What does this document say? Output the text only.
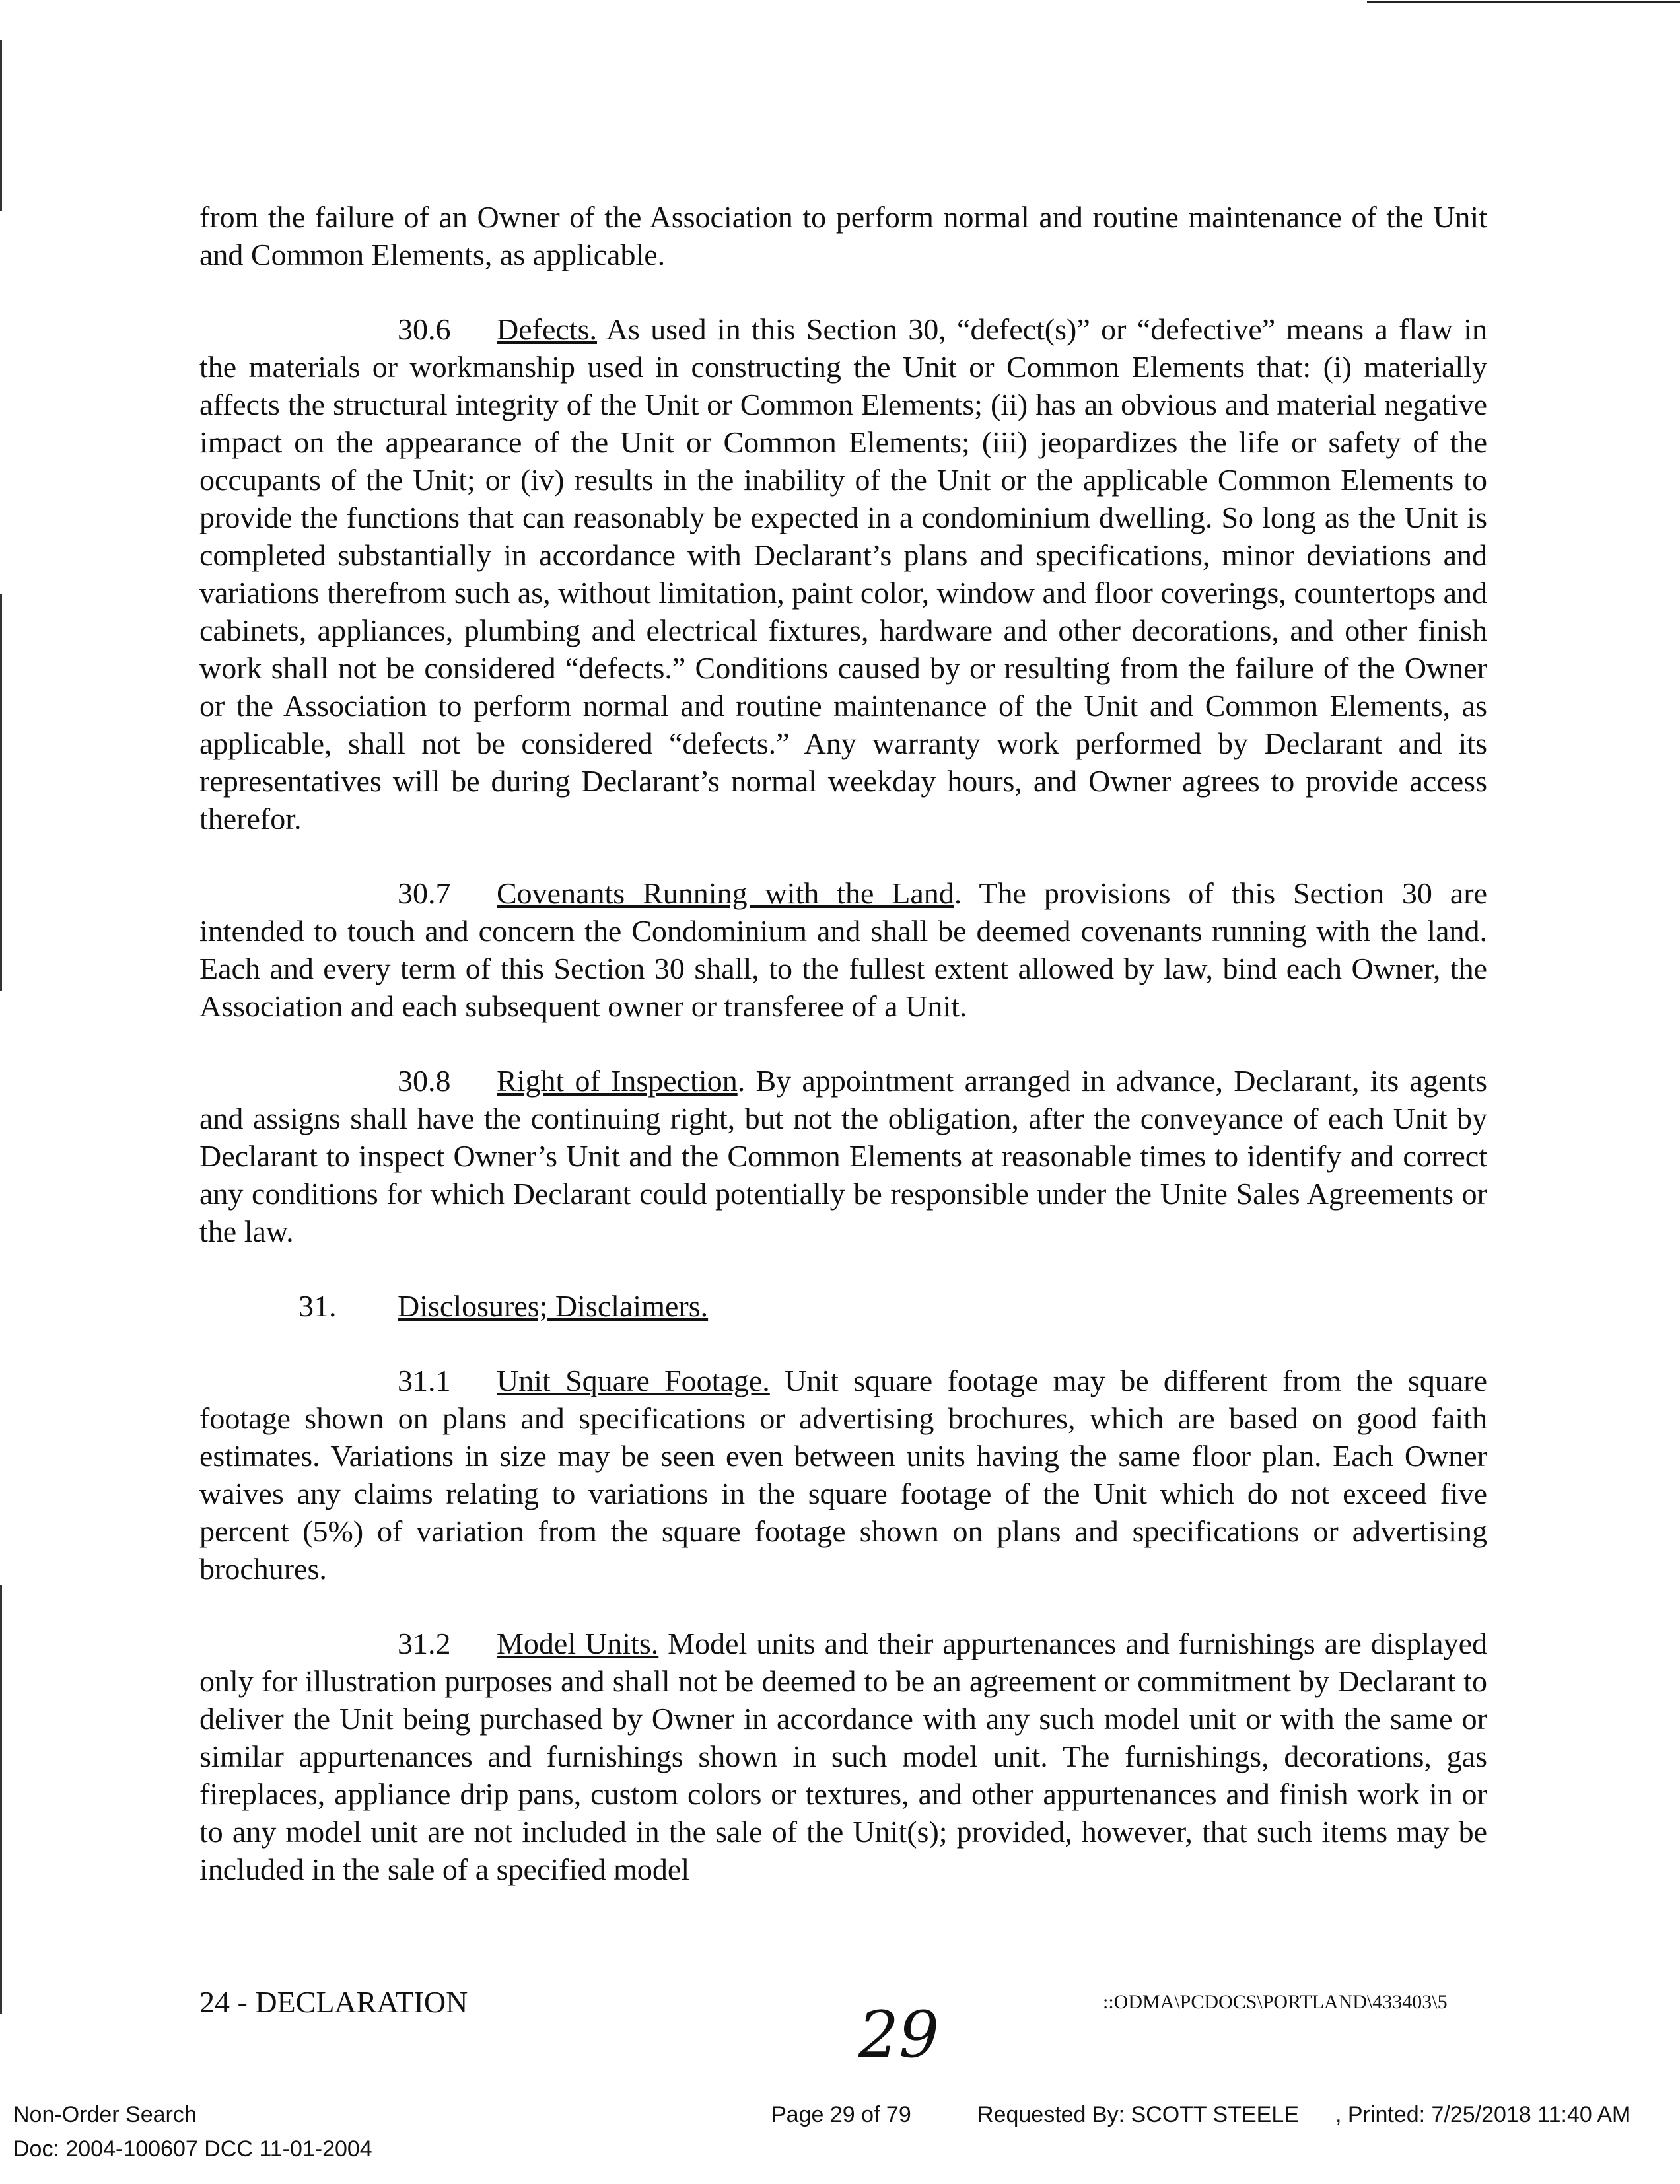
from the failure of an Owner of the Association to perform normal and routine maintenance of the Unit and Common Elements, as applicable.

30.6 Defects. As used in this Section 30, “defect(s)” or “defective” means a flaw in the materials or workmanship used in constructing the Unit or Common Elements that: (i) materially affects the structural integrity of the Unit or Common Elements; (ii) has an obvious and material negative impact on the appearance of the Unit or Common Elements; (iii) jeopardizes the life or safety of the occupants of the Unit; or (iv) results in the inability of the Unit or the applicable Common Elements to provide the functions that can reasonably be expected in a condominium dwelling. So long as the Unit is completed substantially in accordance with Declarant’s plans and specifications, minor deviations and variations therefrom such as, without limitation, paint color, window and floor coverings, countertops and cabinets, appliances, plumbing and electrical fixtures, hardware and other decorations, and other finish work shall not be considered “defects.” Conditions caused by or resulting from the failure of the Owner or the Association to perform normal and routine maintenance of the Unit and Common Elements, as applicable, shall not be considered “defects.” Any warranty work performed by Declarant and its representatives will be during Declarant’s normal weekday hours, and Owner agrees to provide access therefor.

30.7 Covenants Running with the Land. The provisions of this Section 30 are intended to touch and concern the Condominium and shall be deemed covenants running with the land. Each and every term of this Section 30 shall, to the fullest extent allowed by law, bind each Owner, the Association and each subsequent owner or transferee of a Unit.

30.8 Right of Inspection. By appointment arranged in advance, Declarant, its agents and assigns shall have the continuing right, but not the obligation, after the conveyance of each Unit by Declarant to inspect Owner’s Unit and the Common Elements at reasonable times to identify and correct any conditions for which Declarant could potentially be responsible under the Unite Sales Agreements or the law.

31. Disclosures; Disclaimers.

31.1 Unit Square Footage. Unit square footage may be different from the square footage shown on plans and specifications or advertising brochures, which are based on good faith estimates. Variations in size may be seen even between units having the same floor plan. Each Owner waives any claims relating to variations in the square footage of the Unit which do not exceed five percent (5%) of variation from the square footage shown on plans and specifications or advertising brochures.

31.2 Model Units. Model units and their appurtenances and furnishings are displayed only for illustration purposes and shall not be deemed to be an agreement or commitment by Declarant to deliver the Unit being purchased by Owner in accordance with any such model unit or with the same or similar appurtenances and furnishings shown in such model unit. The furnishings, decorations, gas fireplaces, appliance drip pans, custom colors or textures, and other appurtenances and finish work in or to any model unit are not included in the sale of the Unit(s); provided, however, that such items may be included in the sale of a specified model

24 - DECLARATION	29	::ODMA\PCDOCS\PORTLAND\433403\5
Non-Order Search
Doc: 2004-100607 DCC 11-01-2004
Page 29 of 79	Requested By: SCOTT STEELE , Printed: 7/25/2018 11:40 AM
